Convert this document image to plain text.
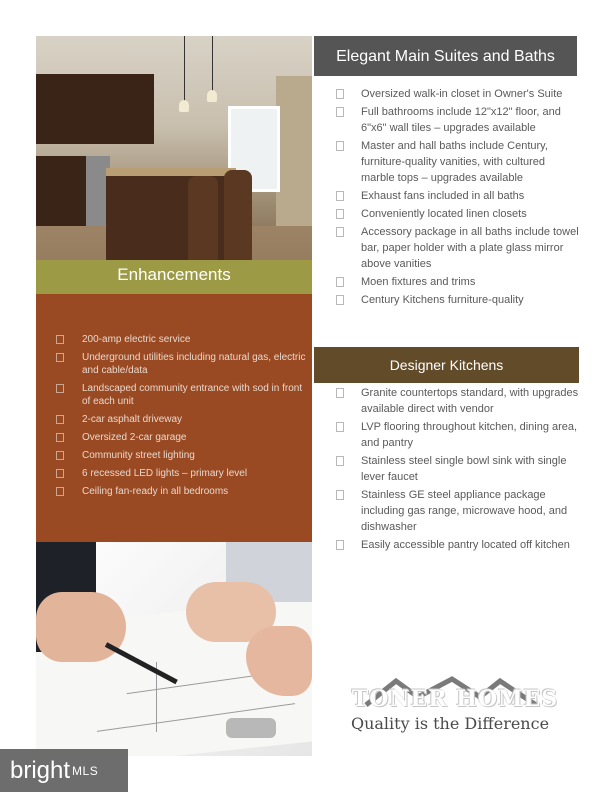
Enhancements
200-amp electric service
Underground utilities including natural gas, electric and cable/data
Landscaped community entrance with sod in front of each unit
2-car asphalt driveway
Oversized 2-car garage
Community street lighting
6 recessed LED lights – primary level
Ceiling fan-ready in all bedrooms
Elegant Main Suites and Baths
Oversized walk-in closet in Owner's Suite
Full bathrooms include 12"x12" floor, and 6"x6" wall tiles – upgrades available
Master and hall baths include Century, furniture-quality vanities, with cultured marble tops – upgrades available
Exhaust fans included in all baths
Conveniently located linen closets
Accessory package in all baths include towel bar, paper holder with a plate glass mirror above vanities
Moen fixtures and trims
Century Kitchens furniture-quality
Designer Kitchens
Granite countertops standard, with upgrades available direct with vendor
LVP flooring throughout kitchen, dining area, and pantry
Stainless steel single bowl sink with single lever faucet
Stainless GE steel appliance package including gas range, microwave hood, and dishwasher
Easily accessible pantry located off kitchen
TONER HOMES
Quality is the Difference
bright MLS
